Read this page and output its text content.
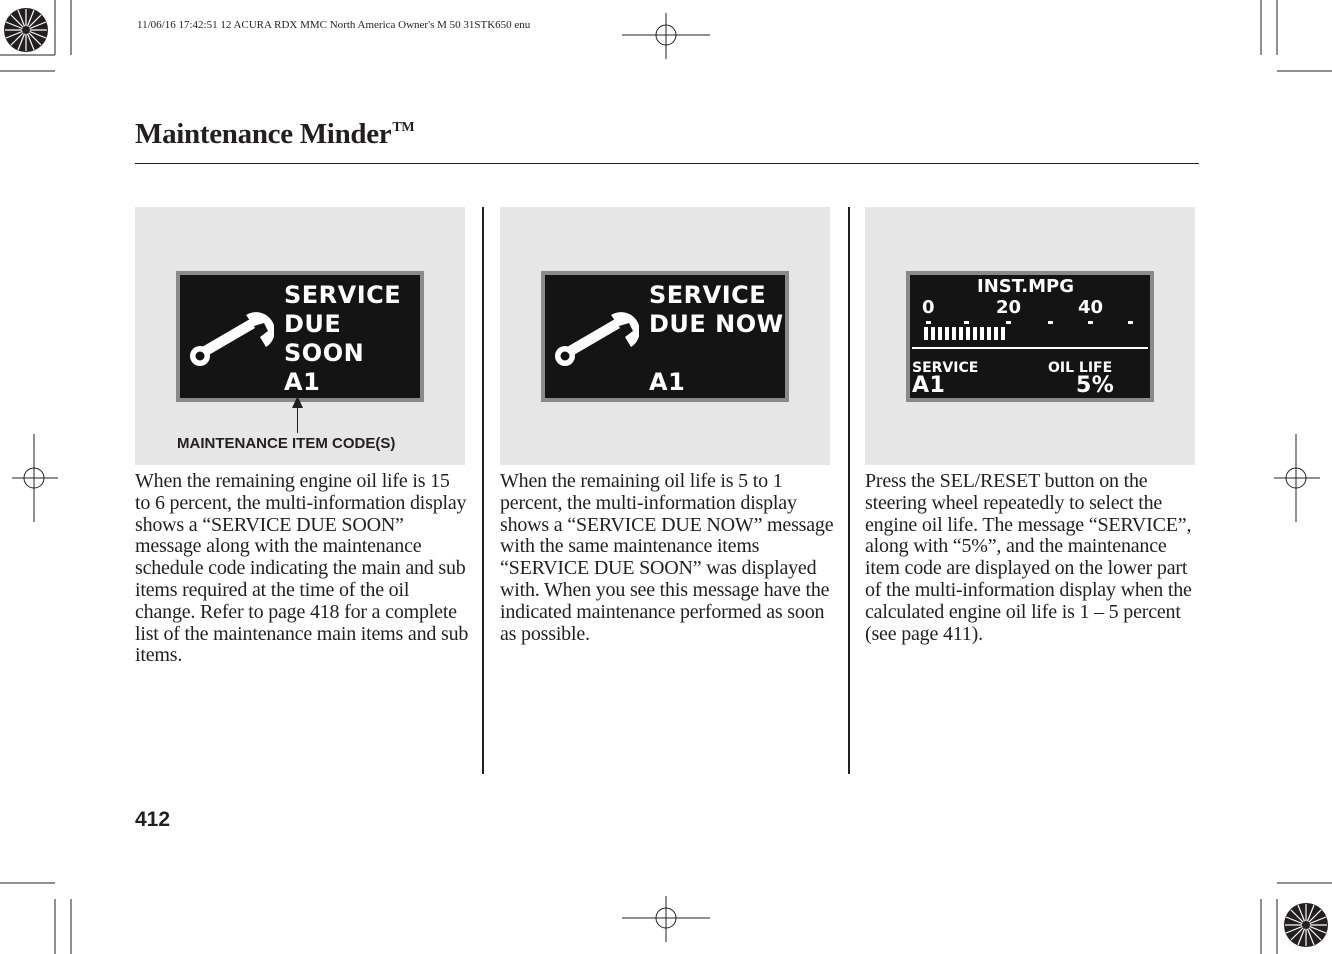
11/06/16 17:42:51 12 ACURA RDX MMC North America Owner's M 50 31STK650 enu
Maintenance Minder™
SERVICE
DUE
SOON
A1
MAINTENANCE ITEM CODE(S)

When the remaining engine oil life is 15 to 6 percent, the multi-information display shows a “SERVICE DUE SOON” message along with the maintenance schedule code indicating the main and sub items required at the time of the oil change. Refer to page 418 for a complete list of the maintenance main items and sub items.

SERVICE
DUE NOW
A1

When the remaining oil life is 5 to 1 percent, the multi-information display shows a “SERVICE DUE NOW” message with the same maintenance items “SERVICE DUE SOON” was displayed with. When you see this message have the indicated maintenance performed as soon as possible.

INST.MPG
0	20	40
SERVICE	OIL LIFE
A1	5%

Press the SEL/RESET button on the steering wheel repeatedly to select the engine oil life. The message “SERVICE”, along with “5%”, and the maintenance item code are displayed on the lower part of the multi-information display when the calculated engine oil life is 1 – 5 percent (see page 411).

412
